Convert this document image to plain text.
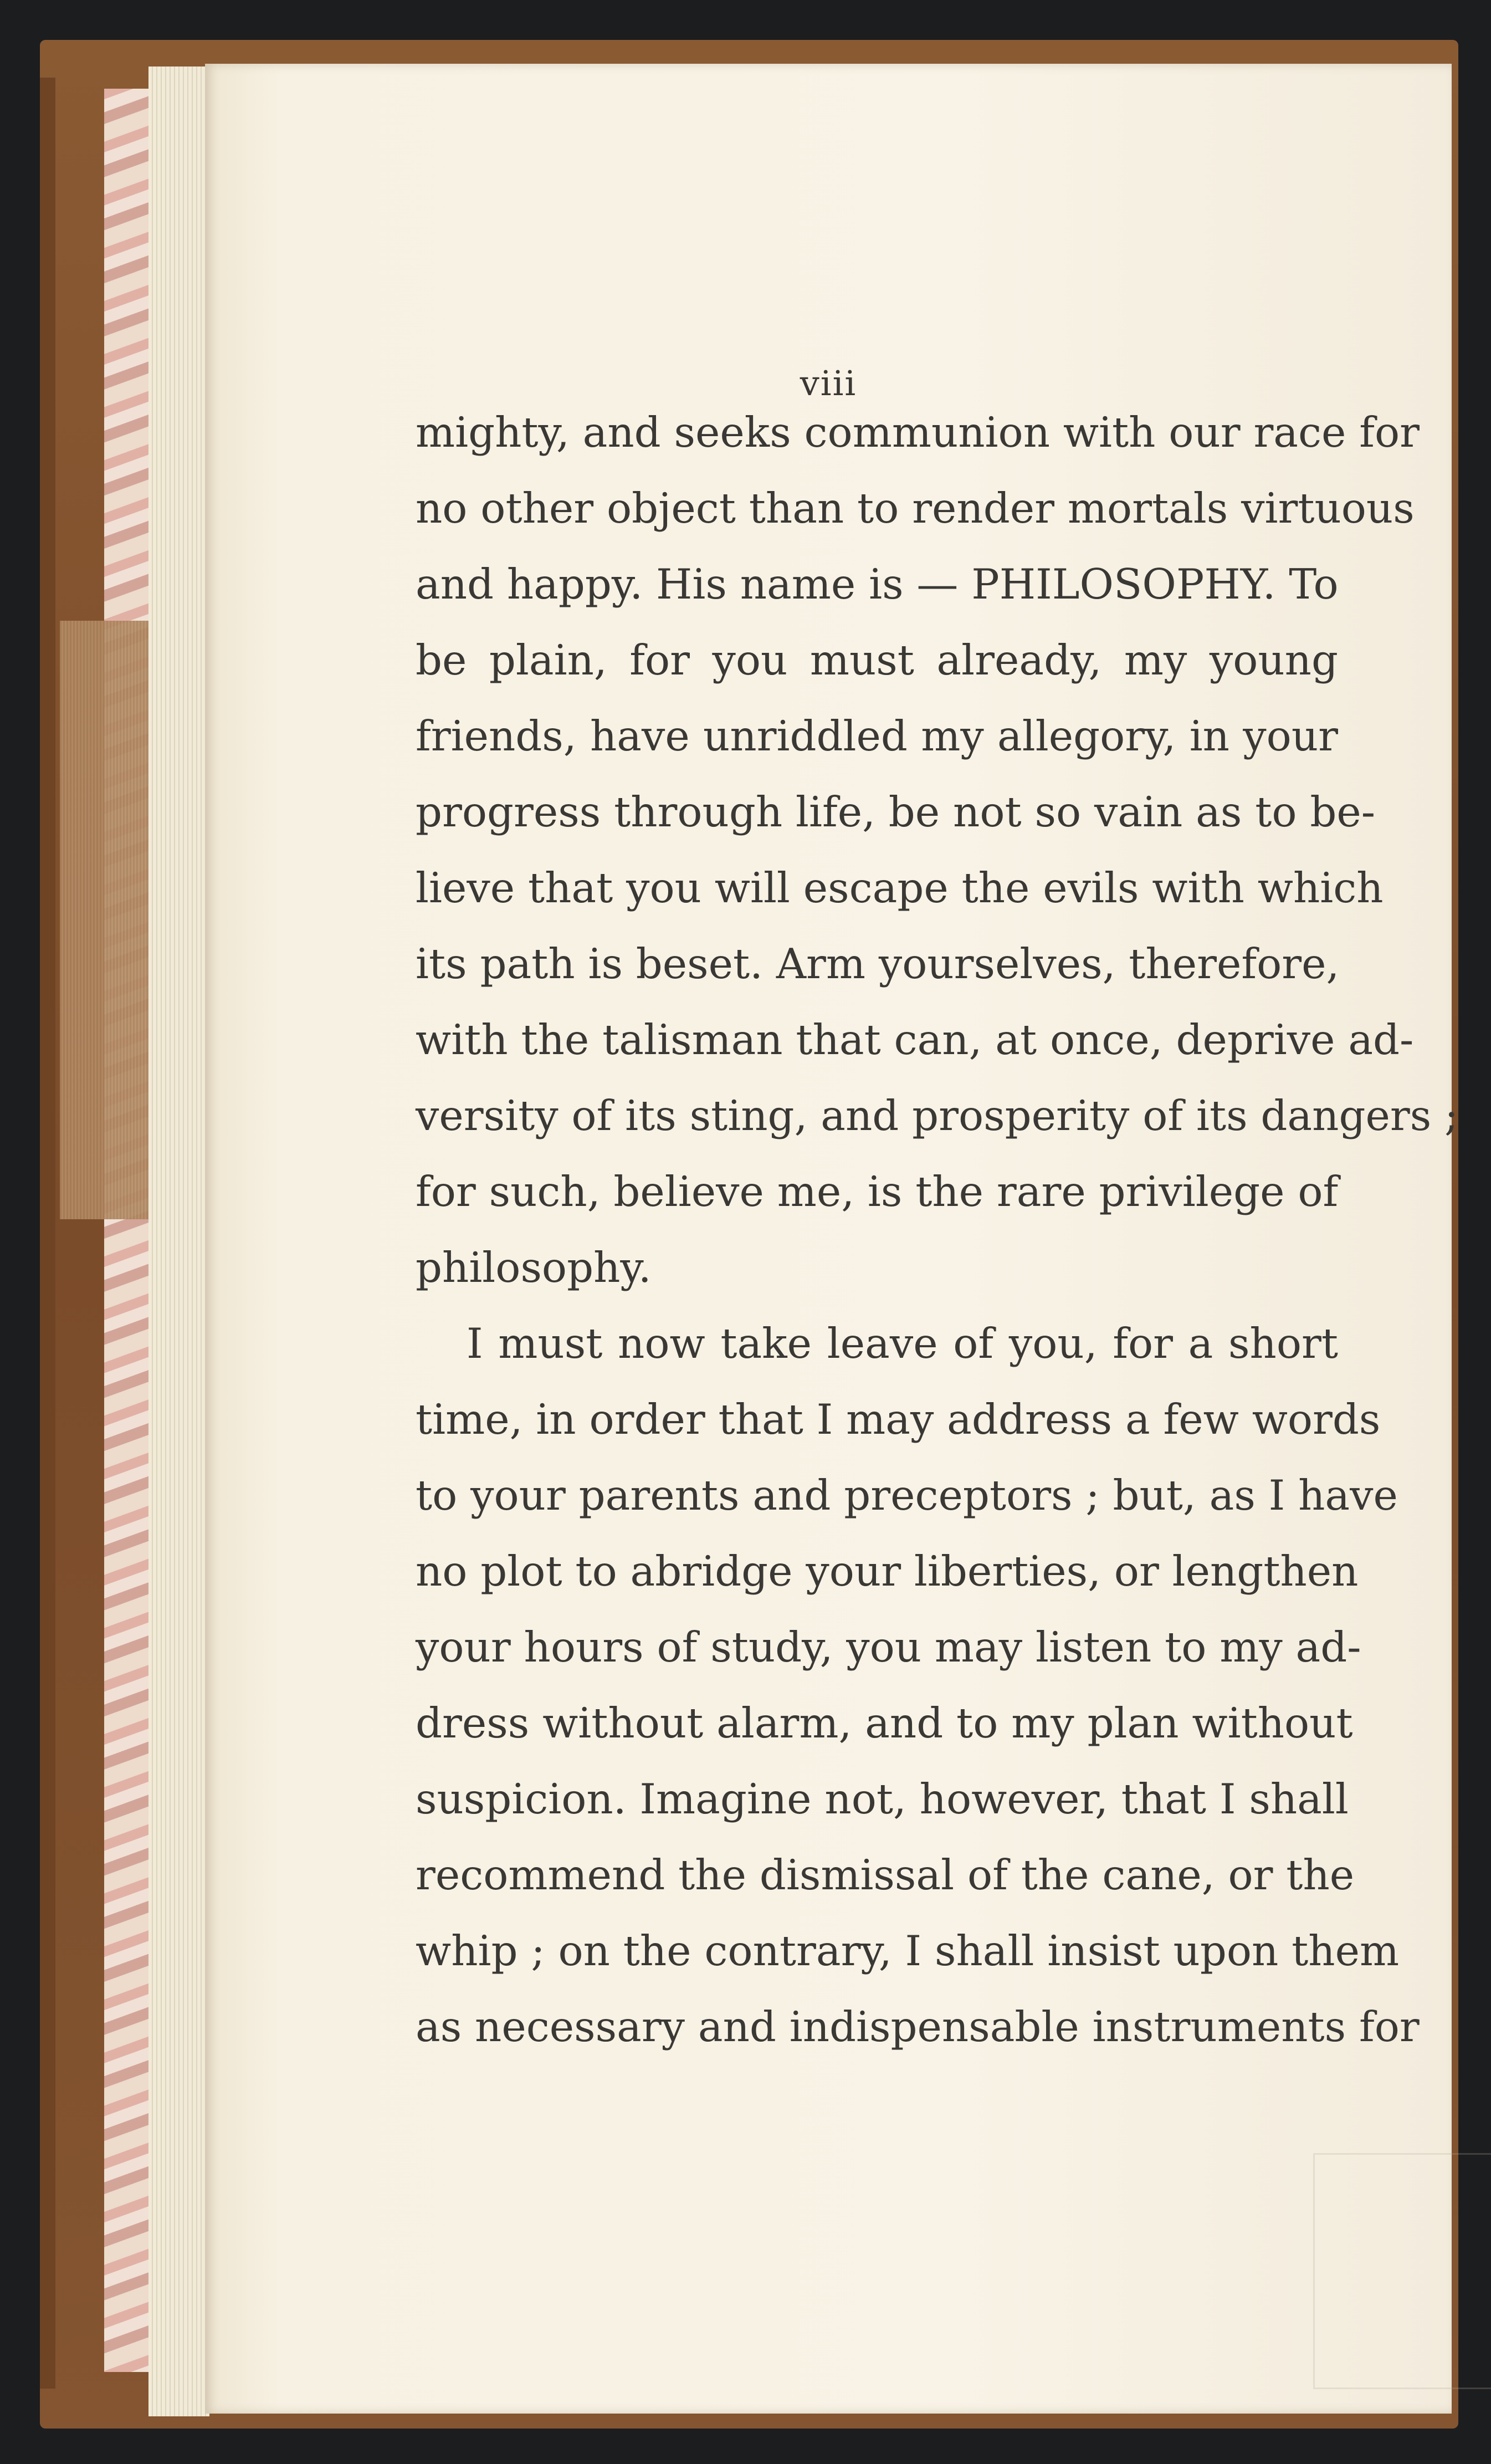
viii
mighty, and seeks communion with our race for
no other object than to render mortals virtuous
and happy. His name is — PHILOSOPHY. To
be plain, for you must already, my young
friends, have unriddled my allegory, in your
progress through life, be not so vain as to be-
lieve that you will escape the evils with which
its path is beset. Arm yourselves, therefore,
with the talisman that can, at once, deprive ad-
versity of its sting, and prosperity of its dangers ;
for such, believe me, is the rare privilege of
philosophy.
I must now take leave of you, for a short
time, in order that I may address a few words
to your parents and preceptors ; but, as I have
no plot to abridge your liberties, or lengthen
your hours of study, you may listen to my ad-
dress without alarm, and to my plan without
suspicion. Imagine not, however, that I shall
recommend the dismissal of the cane, or the
whip ; on the contrary, I shall insist upon them
as necessary and indispensable instruments for
